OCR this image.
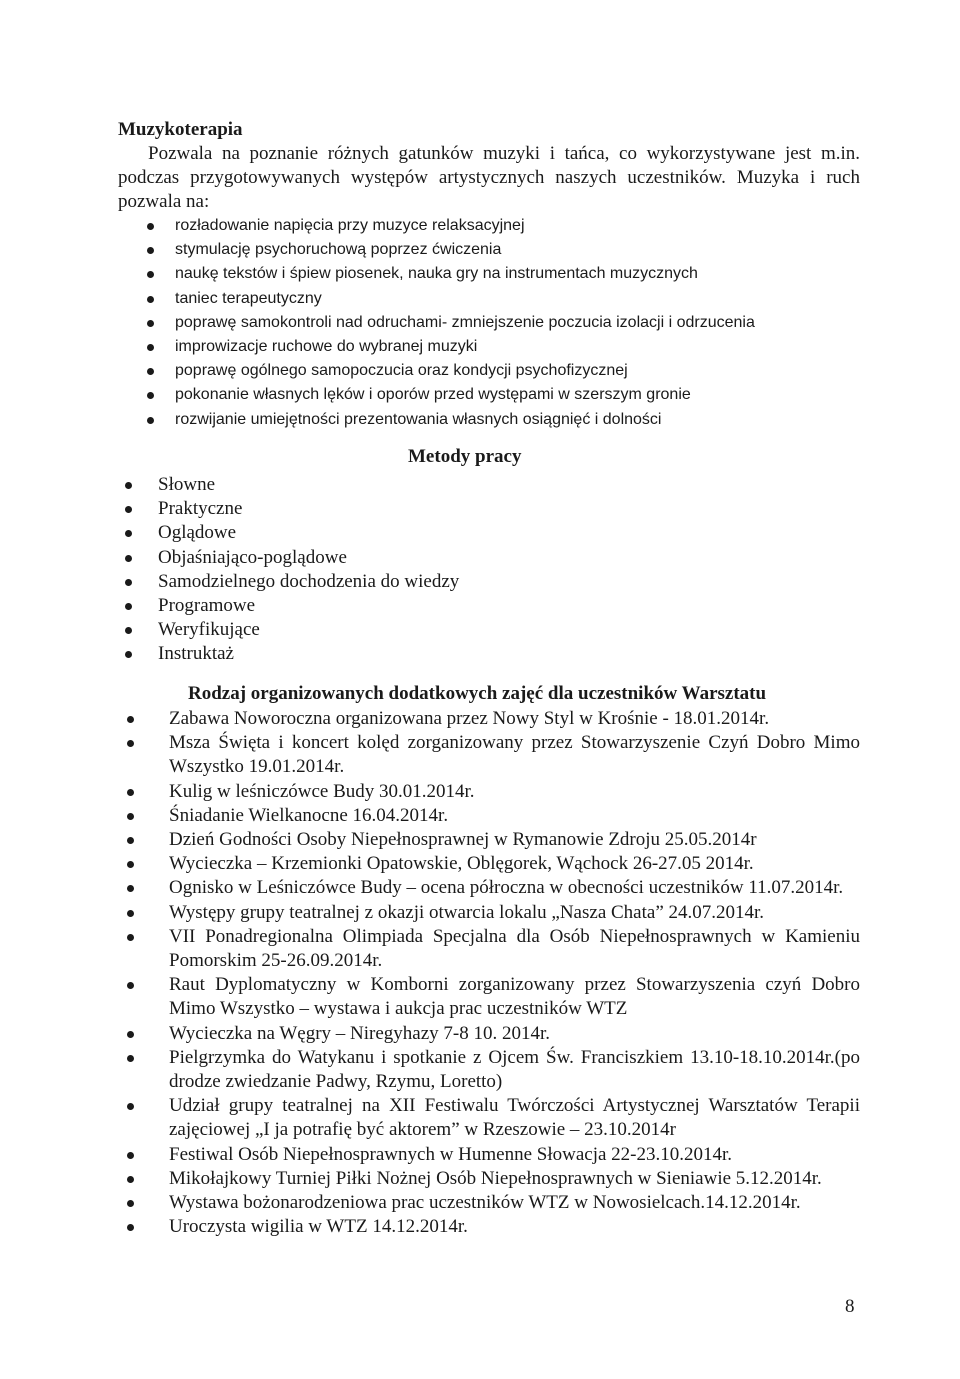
Muzykoterapia

Pozwala na poznanie różnych gatunków muzyki i tańca, co wykorzystywane jest m.in. podczas przygotowywanych występów artystycznych naszych uczestników. Muzyka i ruch pozwala na:

rozładowanie napięcia przy muzyce relaksacyjnej
stymulację psychoruchową poprzez ćwiczenia
naukę tekstów i śpiew piosenek, nauka gry na instrumentach muzycznych
taniec terapeutyczny
poprawę samokontroli nad odruchami- zmniejszenie poczucia izolacji i odrzucenia
improwizacje ruchowe do wybranej muzyki
poprawę ogólnego samopoczucia oraz kondycji psychofizycznej
pokonanie własnych lęków i oporów przed występami w szerszym gronie
rozwijanie umiejętności prezentowania własnych osiągnięć i dolności
Metody pracy
Słowne
Praktyczne
Oglądowe
Objaśniająco-poglądowe
Samodzielnego dochodzenia do wiedzy
Programowe
Weryfikujące
Instruktaż
Rodzaj organizowanych dodatkowych zajęć dla uczestników Warsztatu
Zabawa Noworoczna organizowana przez Nowy Styl w Krośnie - 18.01.2014r.
Msza Święta i koncert kolęd zorganizowany przez Stowarzyszenie Czyń Dobro Mimo Wszystko 19.01.2014r.
Kulig w leśniczówce Budy 30.01.2014r.
Śniadanie Wielkanocne 16.04.2014r.
Dzień Godności Osoby Niepełnosprawnej w Rymanowie Zdroju 25.05.2014r
Wycieczka – Krzemionki Opatowskie, Oblęgorek, Wąchock 26-27.05 2014r.
Ognisko w Leśniczówce Budy – ocena półroczna w obecności uczestników 11.07.2014r.
Występy grupy teatralnej z okazji otwarcia lokalu „Nasza Chata” 24.07.2014r.
VII Ponadregionalna Olimpiada Specjalna dla Osób Niepełnosprawnych w Kamieniu Pomorskim 25-26.09.2014r.
Raut Dyplomatyczny w Komborni zorganizowany przez Stowarzyszenia czyń Dobro Mimo Wszystko – wystawa i aukcja prac uczestników WTZ
Wycieczka na Węgry – Niregyhazy 7-8 10. 2014r.
Pielgrzymka do Watykanu i spotkanie z Ojcem Św. Franciszkiem 13.10-18.10.2014r.(po drodze zwiedzanie Padwy, Rzymu, Loretto)
Udział grupy teatralnej na XII Festiwalu Twórczości Artystycznej Warsztatów Terapii zajęciowej „I ja potrafię być aktorem” w Rzeszowie – 23.10.2014r
Festiwal Osób Niepełnosprawnych w Humenne Słowacja 22-23.10.2014r.
Mikołajkowy Turniej Piłki Nożnej Osób Niepełnosprawnych w Sieniawie 5.12.2014r.
Wystawa bożonarodzeniowa prac uczestników WTZ w Nowosielcach.14.12.2014r.
Uroczysta wigilia w WTZ 14.12.2014r.
8
